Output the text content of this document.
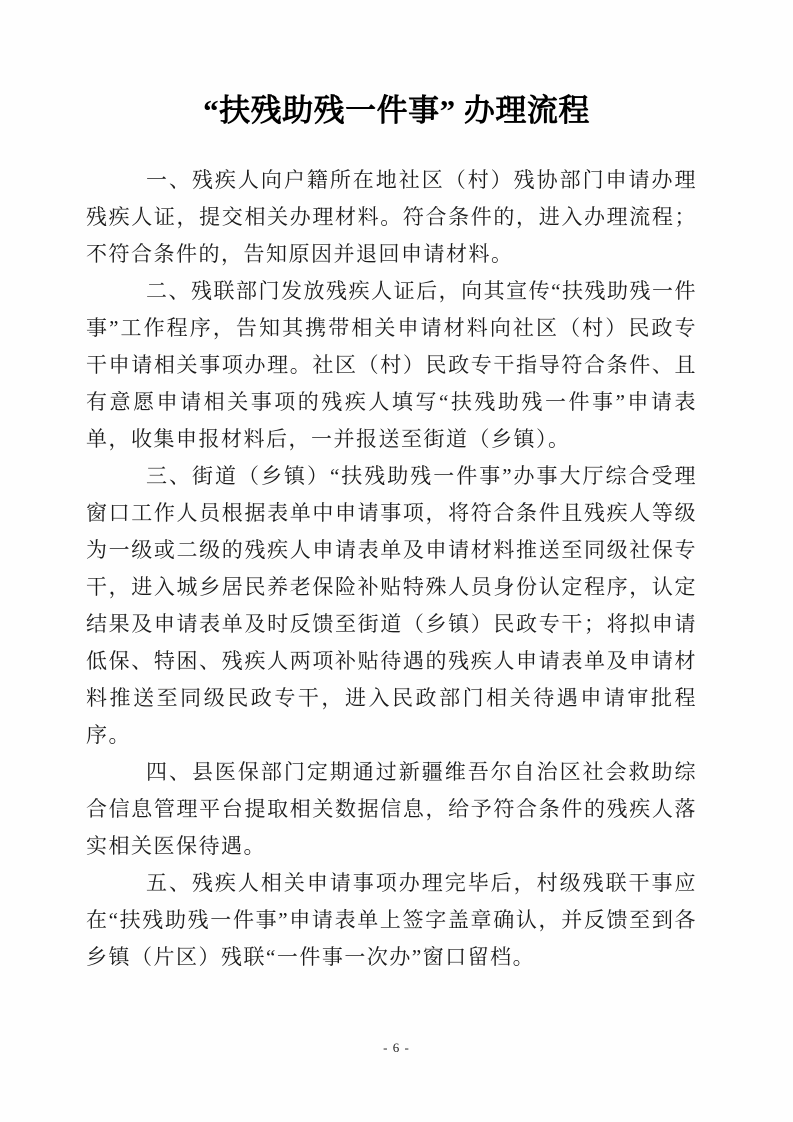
“扶残助残一件事” 办理流程

一、残疾人向户籍所在地社区（村）残协部门申请办理残疾人证，提交相关办理材料。符合条件的，进入办理流程；不符合条件的，告知原因并退回申请材料。

二、残联部门发放残疾人证后，向其宣传“扶残助残一件事”工作程序，告知其携带相关申请材料向社区（村）民政专干申请相关事项办理。社区（村）民政专干指导符合条件、且有意愿申请相关事项的残疾人填写“扶残助残一件事”申请表单，收集申报材料后，一并报送至街道（乡镇）。

三、街道（乡镇）“扶残助残一件事”办事大厅综合受理窗口工作人员根据表单中申请事项，将符合条件且残疾人等级为一级或二级的残疾人申请表单及申请材料推送至同级社保专干，进入城乡居民养老保险补贴特殊人员身份认定程序，认定结果及申请表单及时反馈至街道（乡镇）民政专干；将拟申请低保、特困、残疾人两项补贴待遇的残疾人申请表单及申请材料推送至同级民政专干，进入民政部门相关待遇申请审批程序。

四、县医保部门定期通过新疆维吾尔自治区社会救助综合信息管理平台提取相关数据信息，给予符合条件的残疾人落实相关医保待遇。

五、残疾人相关申请事项办理完毕后，村级残联干事应在“扶残助残一件事”申请表单上签字盖章确认，并反馈至到各乡镇（片区）残联“一件事一次办”窗口留档。

- 6 -
